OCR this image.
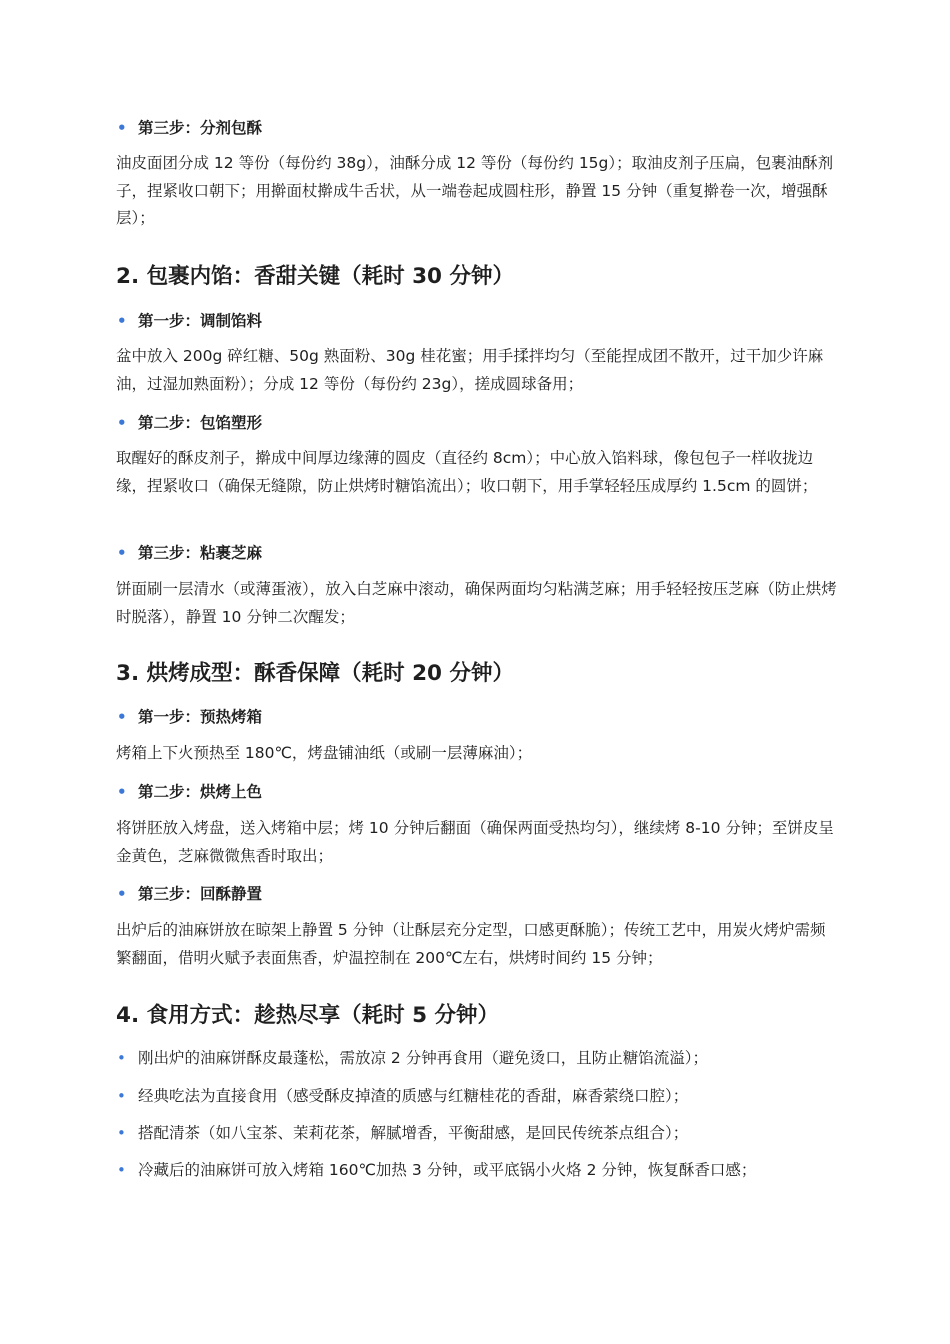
• 第三步：分剂包酥

油皮面团分成 12 等份（每份约 38g），油酥分成 12 等份（每份约 15g）；取油皮剂子压扁，包裹油酥剂子，捏紧收口朝下；用擀面杖擀成牛舌状，从一端卷起成圆柱形，静置 15 分钟（重复擀卷一次，增强酥层）；

2. 包裹内馅：香甜关键（耗时 30 分钟）
• 第一步：调制馅料

盆中放入 200g 碎红糖、50g 熟面粉、30g 桂花蜜；用手揉拌均匀（至能捏成团不散开，过干加少许麻油，过湿加熟面粉）；分成 12 等份（每份约 23g），搓成圆球备用；

• 第二步：包馅塑形

取醒好的酥皮剂子，擀成中间厚边缘薄的圆皮（直径约 8cm）；中心放入馅料球，像包包子一样收拢边缘，捏紧收口（确保无缝隙，防止烘烤时糖馅流出）；收口朝下，用手掌轻轻压成厚约 1.5cm 的圆饼；

• 第三步：粘裹芝麻

饼面刷一层清水（或薄蛋液），放入白芝麻中滚动，确保两面均匀粘满芝麻；用手轻轻按压芝麻（防止烘烤时脱落），静置 10 分钟二次醒发；

3. 烘烤成型：酥香保障（耗时 20 分钟）
• 第一步：预热烤箱

烤箱上下火预热至 180℃，烤盘铺油纸（或刷一层薄麻油）；

• 第二步：烘烤上色

将饼胚放入烤盘，送入烤箱中层；烤 10 分钟后翻面（确保两面受热均匀），继续烤 8-10 分钟；至饼皮呈金黄色，芝麻微微焦香时取出；

• 第三步：回酥静置

出炉后的油麻饼放在晾架上静置 5 分钟（让酥层充分定型，口感更酥脆）；传统工艺中，用炭火烤炉需频繁翻面，借明火赋予表面焦香，炉温控制在 200℃左右，烘烤时间约 15 分钟；

4. 食用方式：趁热尽享（耗时 5 分钟）
• 刚出炉的油麻饼酥皮最蓬松，需放凉 2 分钟再食用（避免烫口，且防止糖馅流溢）；
• 经典吃法为直接食用（感受酥皮掉渣的质感与红糖桂花的香甜，麻香萦绕口腔）；
• 搭配清茶（如八宝茶、茉莉花茶，解腻增香，平衡甜感，是回民传统茶点组合）；
• 冷藏后的油麻饼可放入烤箱 160℃加热 3 分钟，或平底锅小火烙 2 分钟，恢复酥香口感；
